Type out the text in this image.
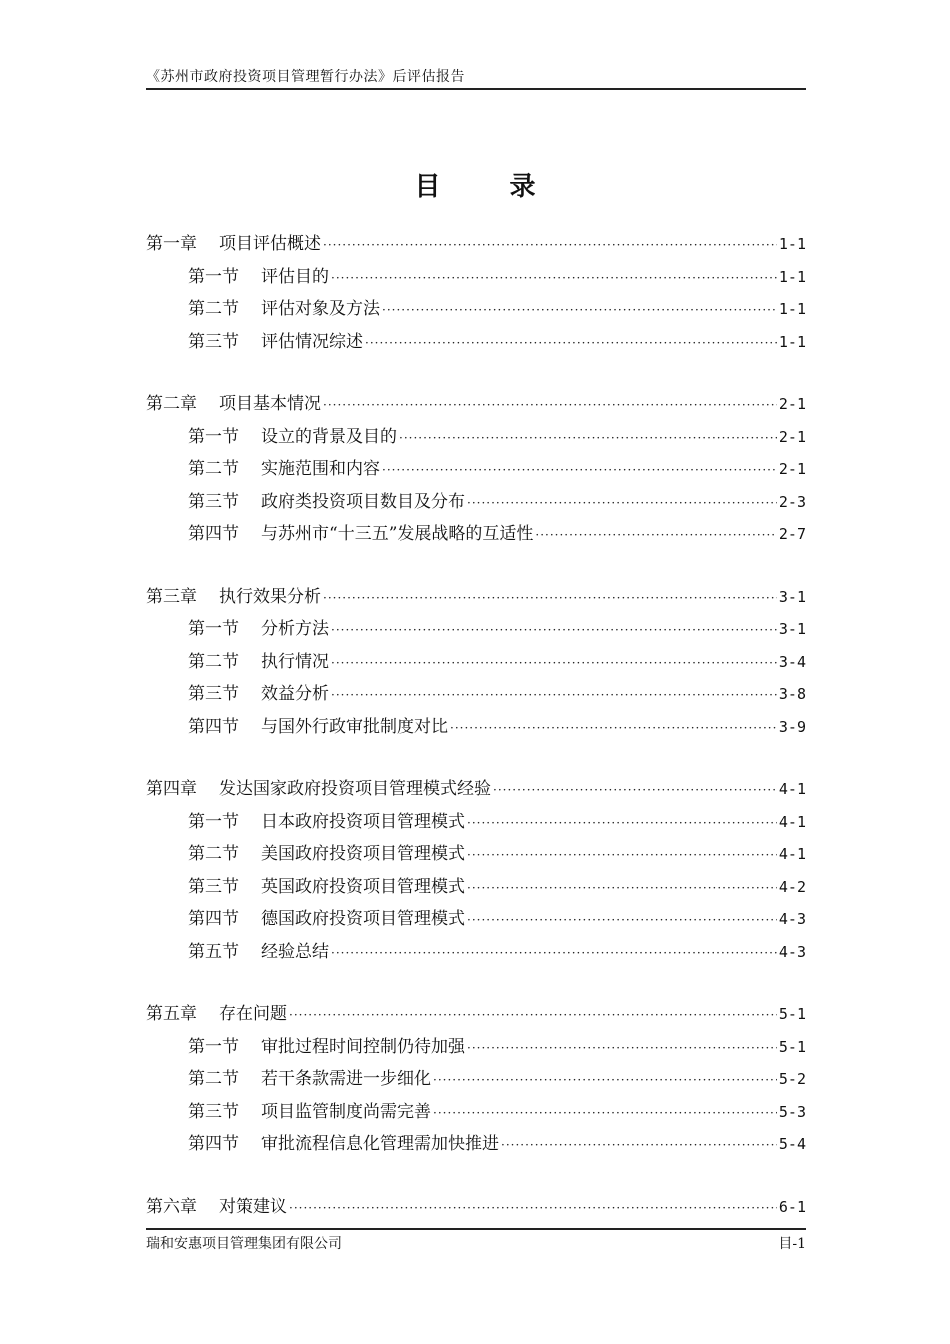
《苏州市政府投资项目管理暂行办法》后评估报告
目 录
第一章 项目评估概述 ·····	1-1
第一节 评估目的 ·····	1-1
第二节 评估对象及方法 ·····	1-1
第三节 评估情况综述 ·····	1-1
第二章 项目基本情况 ·····	2-1
第一节 设立的背景及目的 ·····	2-1
第二节 实施范围和内容 ·····	2-1
第三节 政府类投资项目数目及分布 ·····	2-3
第四节 与苏州市“十三五”发展战略的互适性 ·····	2-7
第三章 执行效果分析 ·····	3-1
第一节 分析方法 ·····	3-1
第二节 执行情况 ·····	3-4
第三节 效益分析 ·····	3-8
第四节 与国外行政审批制度对比 ·····	3-9
第四章 发达国家政府投资项目管理模式经验 ·····	4-1
第一节 日本政府投资项目管理模式 ·····	4-1
第二节 美国政府投资项目管理模式 ·····	4-1
第三节 英国政府投资项目管理模式 ·····	4-2
第四节 德国政府投资项目管理模式 ·····	4-3
第五节 经验总结 ·····	4-3
第五章 存在问题 ·····	5-1
第一节 审批过程时间控制仍待加强 ·····	5-1
第二节 若干条款需进一步细化 ·····	5-2
第三节 项目监管制度尚需完善 ·····	5-3
第四节 审批流程信息化管理需加快推进 ·····	5-4
第六章 对策建议 ·····	6-1
瑞和安惠项目管理集团有限公司	目-1
